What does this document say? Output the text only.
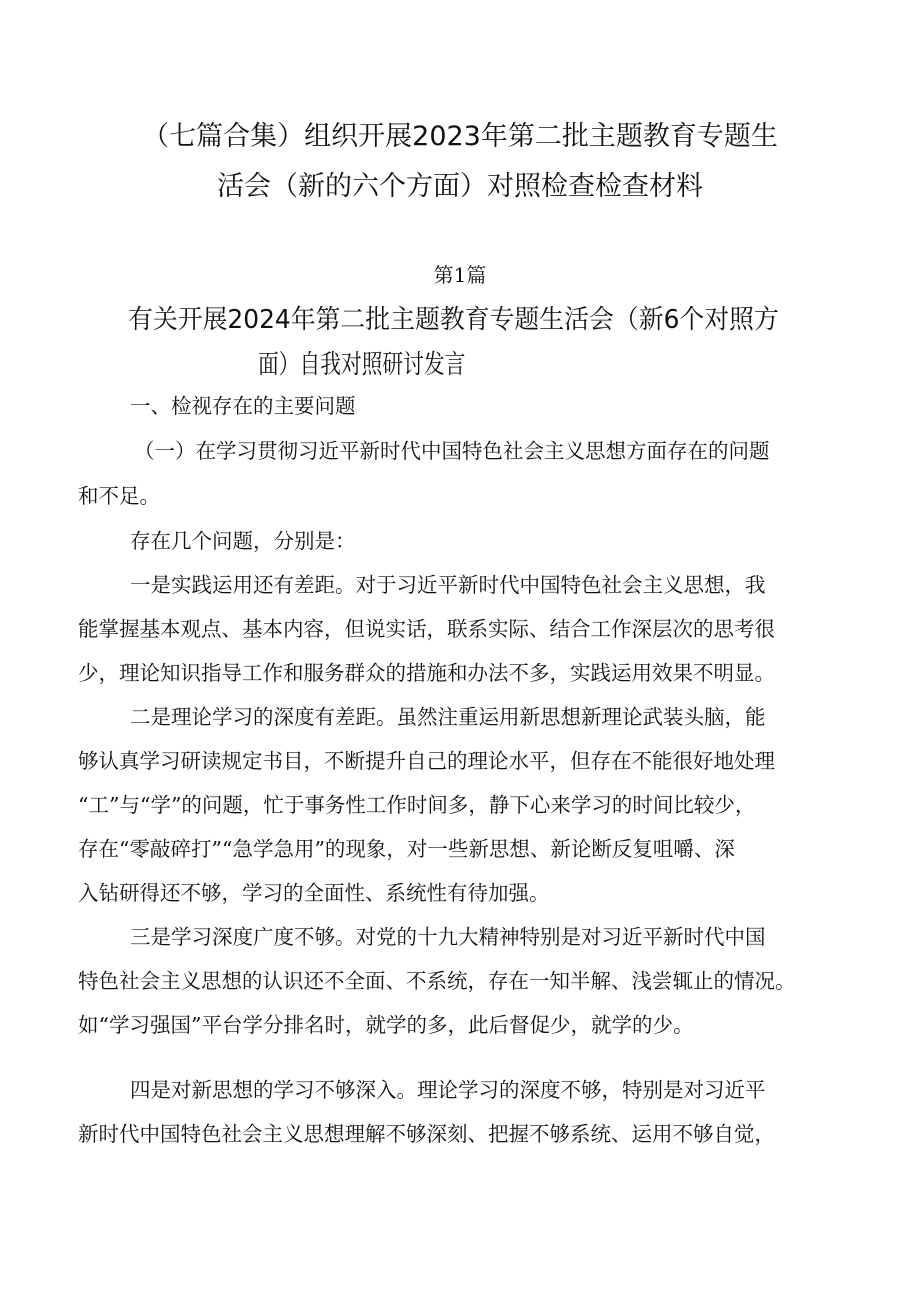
（七篇合集）组织开展2023年第二批主题教育专题生
活会（新的六个方面）对照检查检查材料
第1篇
有关开展2024年第二批主题教育专题生活会（新6个对照方
面）自我对照研讨发言
一、检视存在的主要问题
（一）在学习贯彻习近平新时代中国特色社会主义思想方面存在的问题
和不足。
存在几个问题，分别是：
一是实践运用还有差距。对于习近平新时代中国特色社会主义思想，我
能掌握基本观点、基本内容，但说实话，联系实际、结合工作深层次的思考很
少，理论知识指导工作和服务群众的措施和办法不多，实践运用效果不明显。
二是理论学习的深度有差距。虽然注重运用新思想新理论武装头脑，能
够认真学习研读规定书目，不断提升自己的理论水平，但存在不能很好地处理
“工”与“学”的问题，忙于事务性工作时间多，静下心来学习的时间比较少，
存在“零敲碎打”“急学急用”的现象，对一些新思想、新论断反复咀嚼、深
入钻研得还不够，学习的全面性、系统性有待加强。
三是学习深度广度不够。对党的十九大精神特别是对习近平新时代中国
特色社会主义思想的认识还不全面、不系统，存在一知半解、浅尝辄止的情况。
如“学习强国”平台学分排名时，就学的多，此后督促少，就学的少。
四是对新思想的学习不够深入。理论学习的深度不够，特别是对习近平
新时代中国特色社会主义思想理解不够深刻、把握不够系统、运用不够自觉，
